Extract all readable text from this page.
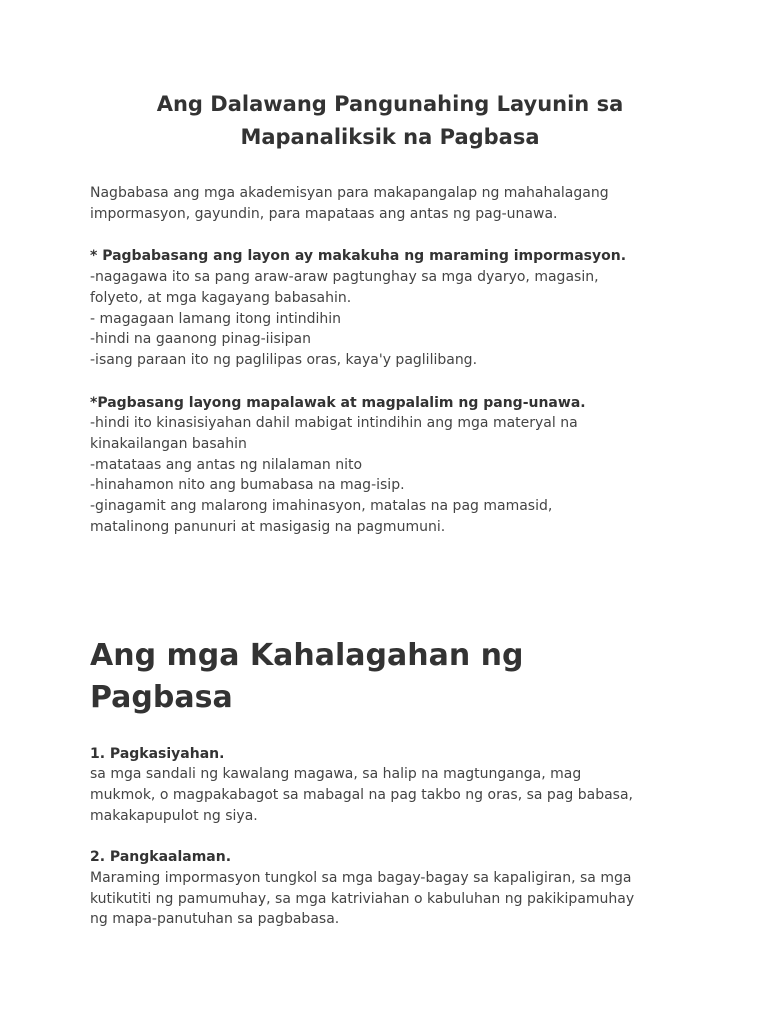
Ang Dalawang Pangunahing Layunin sa
Mapanaliksik na Pagbasa

Nagbabasa ang mga akademisyan para makapangalap ng mahahalagang
impormasyon, gayundin, para mapataas ang antas ng pag-unawa.

* Pagbabasang ang layon ay makakuha ng maraming impormasyon.
-nagagawa ito sa pang araw-araw pagtunghay sa mga dyaryo, magasin,
folyeto, at mga kagayang babasahin.
- magagaan lamang itong intindihin
-hindi na gaanong pinag-iisipan
-isang paraan ito ng paglilipas oras, kaya'y paglilibang.

*Pagbasang layong mapalawak at magpalalim ng pang-unawa.
-hindi ito kinasisiyahan dahil mabigat intindihin ang mga materyal na
kinakailangan basahin
-matataas ang antas ng nilalaman nito
-hinahamon nito ang bumabasa na mag-isip.
-ginagamit ang malarong imahinasyon, matalas na pag mamasid,
matalinong panunuri at masigasig na pagmumuni.

Ang mga Kahalagahan ng
Pagbasa

1. Pagkasiyahan.
sa mga sandali ng kawalang magawa, sa halip na magtunganga, mag
mukmok, o magpakabagot sa mabagal na pag takbo ng oras, sa pag babasa,
makakapupulot ng siya.

2. Pangkaalaman.
Maraming impormasyon tungkol sa mga bagay-bagay sa kapaligiran, sa mga
kutikutiti ng pamumuhay, sa mga katriviahan o kabuluhan ng pakikipamuhay
ng mapa-panutuhan sa pagbabasa.
